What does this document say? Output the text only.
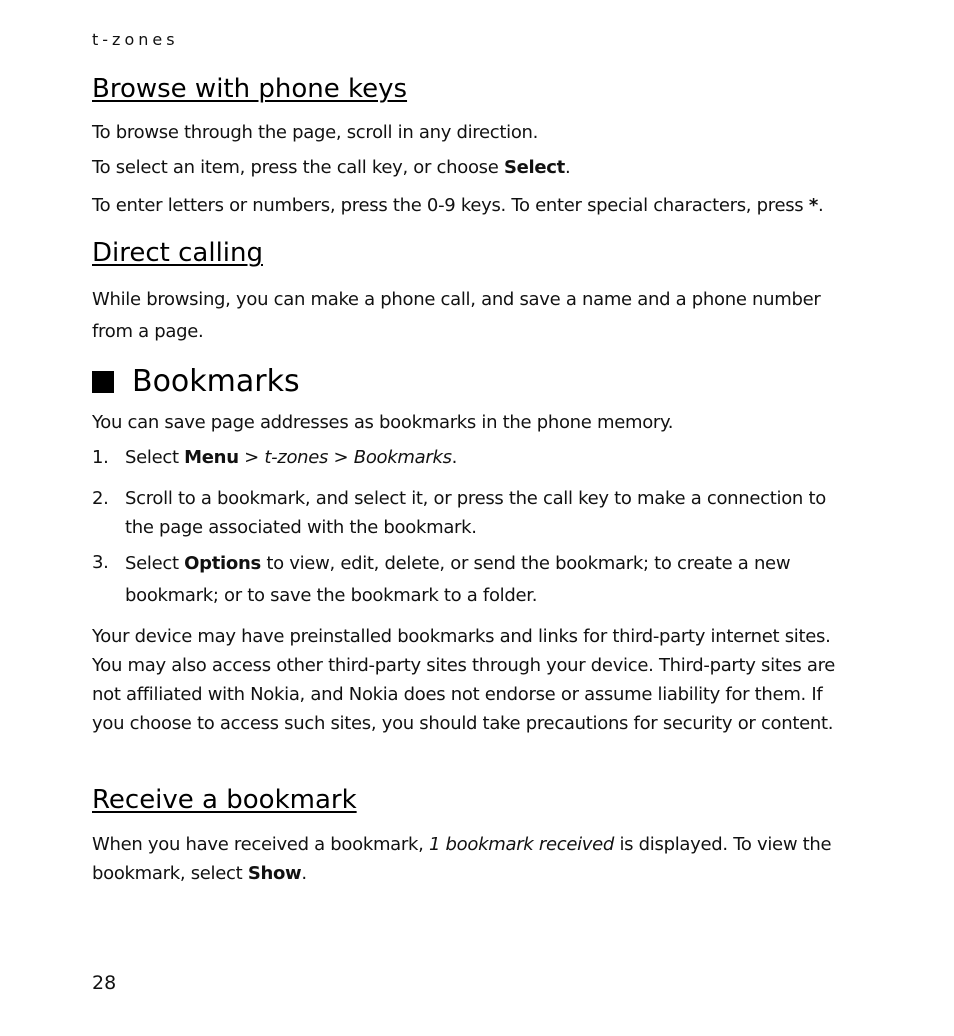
t-zones
Browse with phone keys

To browse through the page, scroll in any direction.

To select an item, press the call key, or choose Select.

To enter letters or numbers, press the 0-9 keys. To enter special characters, press *.

Direct calling

While browsing, you can make a phone call, and save a name and a phone number from a page.

Bookmarks

You can save page addresses as bookmarks in the phone memory.

1. Select Menu > t-zones > Bookmarks.
2. Scroll to a bookmark, and select it, or press the call key to make a connection to the page associated with the bookmark.
3. Select Options to view, edit, delete, or send the bookmark; to create a new bookmark; or to save the bookmark to a folder.

Your device may have preinstalled bookmarks and links for third-party internet sites. You may also access other third-party sites through your device. Third-party sites are not affiliated with Nokia, and Nokia does not endorse or assume liability for them. If you choose to access such sites, you should take precautions for security or content.

Receive a bookmark

When you have received a bookmark, 1 bookmark received is displayed. To view the bookmark, select Show.

28
